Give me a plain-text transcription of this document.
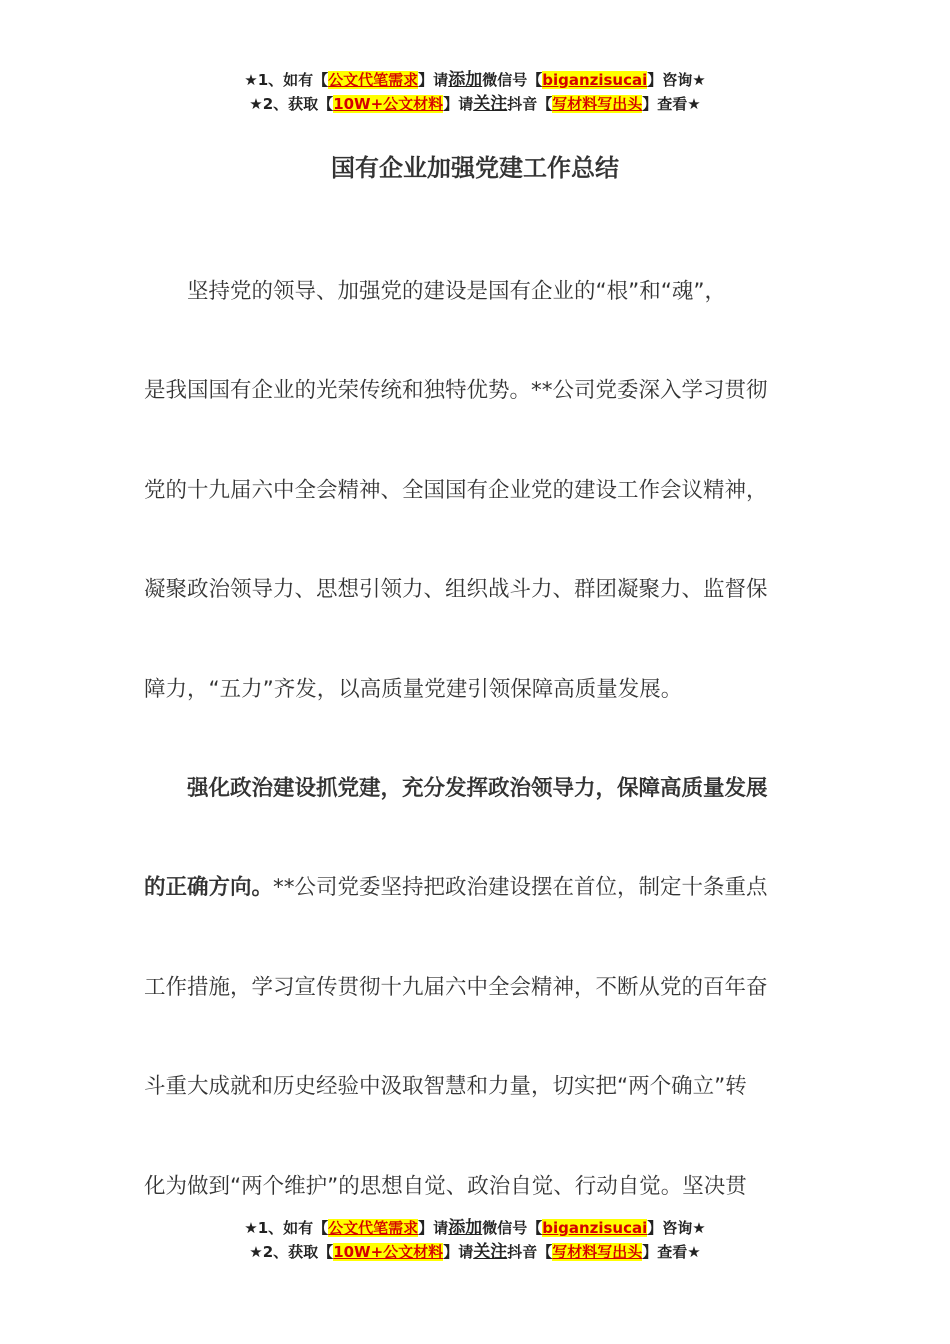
★1、如有【公文代笔需求】请添加微信号【biganzisucai】咨询★
★2、获取【10W+公文材料】请关注抖音【写材料写出头】查看★
国有企业加强党建工作总结
坚持党的领导、加强党的建设是国有企业的“根”和“魂”，
是我国国有企业的光荣传统和独特优势。**公司党委深入学习贯彻
党的十九届六中全会精神、全国国有企业党的建设工作会议精神，
凝聚政治领导力、思想引领力、组织战斗力、群团凝聚力、监督保
障力，“五力”齐发，以高质量党建引领保障高质量发展。
强化政治建设抓党建，充分发挥政治领导力，保障高质量发展
的正确方向。**公司党委坚持把政治建设摆在首位，制定十条重点
工作措施，学习宣传贯彻十九届六中全会精神，不断从党的百年奋
斗重大成就和历史经验中汲取智慧和力量，切实把“两个确立”转
化为做到“两个维护”的思想自觉、政治自觉、行动自觉。坚决贯
★1、如有【公文代笔需求】请添加微信号【biganzisucai】咨询★
★2、获取【10W+公文材料】请关注抖音【写材料写出头】查看★
